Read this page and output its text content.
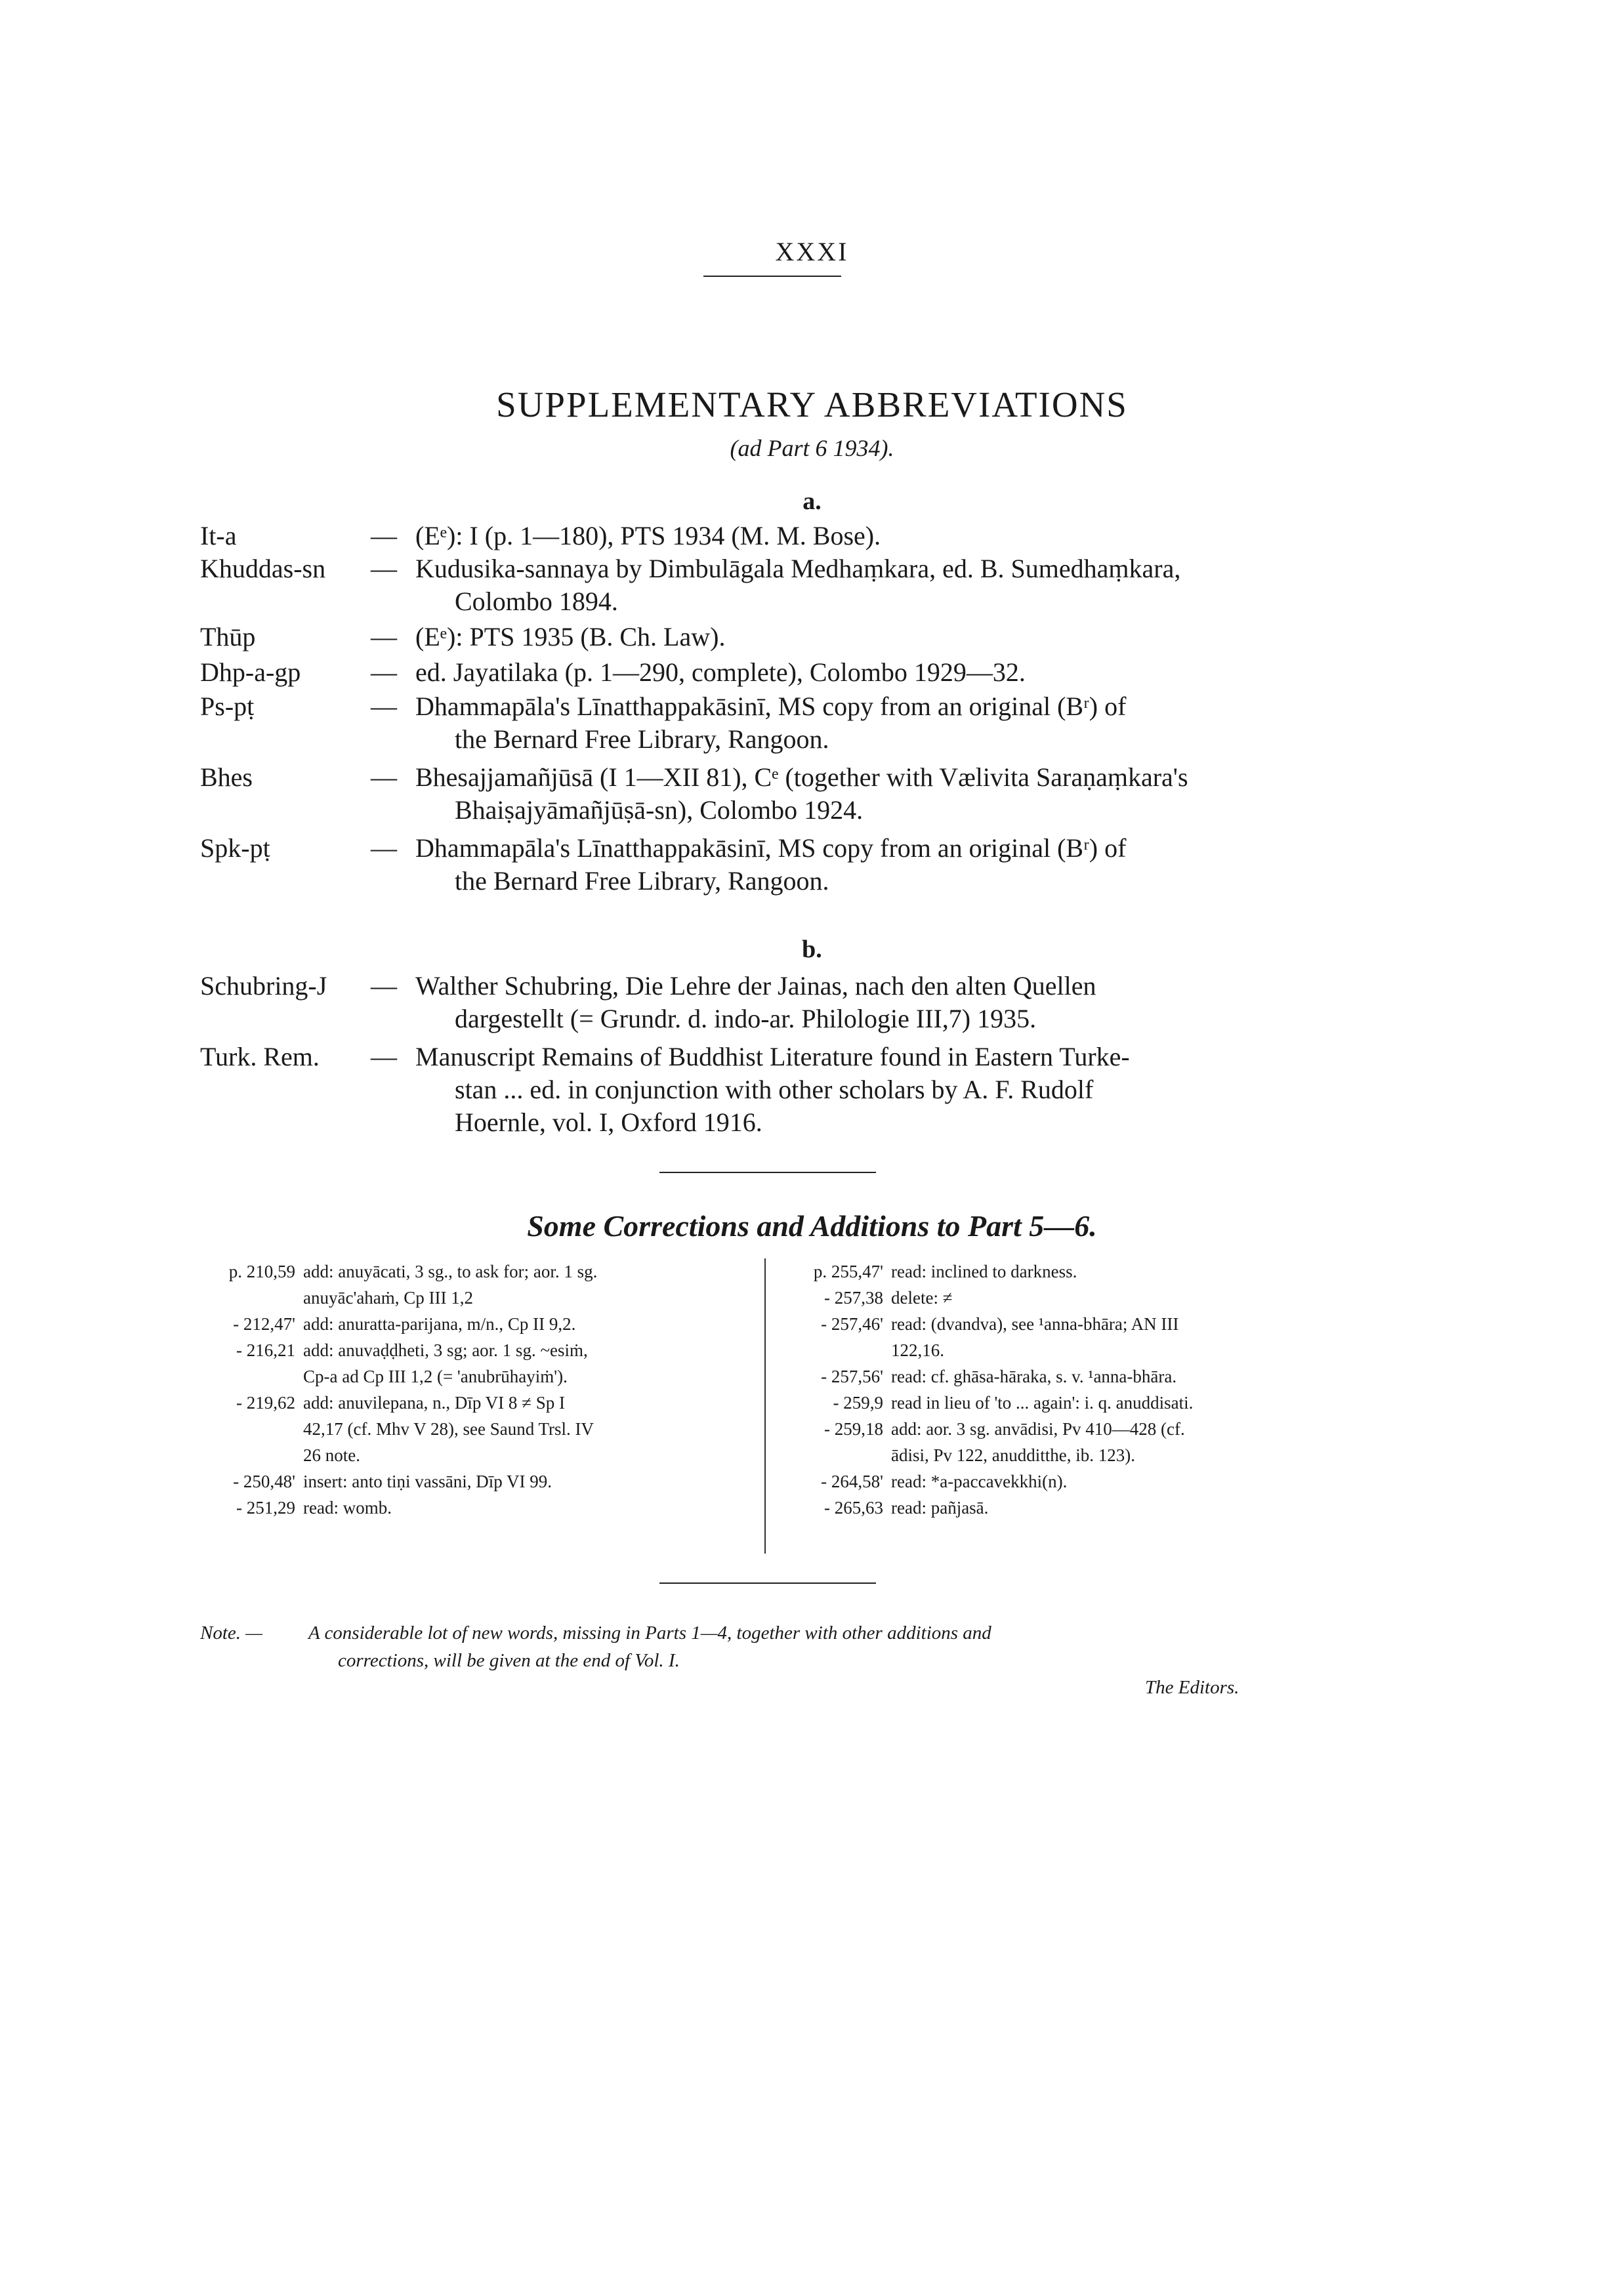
XXXI
SUPPLEMENTARY ABBREVIATIONS
(ad Part 6 1934).
a.
It-a	— (Eᵉ): I (p. 1—180), PTS 1934 (M. M. Bose).
Khuddas-sn — Kudusika-sannaya by Dimbulāgala Medhaṃkara, ed. B. Sumedhaṃkara,
Colombo 1894.
Thūp	— (Eᵉ): PTS 1935 (B. Ch. Law).
Dhp-a-gp	— ed. Jayatilaka (p. 1—290, complete), Colombo 1929—32.
Ps-pṭ	— Dhammapāla's Līnatthappakāsinī, MS copy from an original (Bʳ) of
the Bernard Free Library, Rangoon.
Bhes	— Bhesajjamañjūsā (I 1—XII 81), Cᵉ (together with Vælivita Saraṇaṃkara's
Bhaiṣajyāmañjūṣā-sn), Colombo 1924.
Spk-pṭ	— Dhammapāla's Līnatthappakāsinī, MS copy from an original (Bʳ) of
the Bernard Free Library, Rangoon.
b.
Schubring-J — Walther Schubring, Die Lehre der Jainas, nach den alten Quellen
dargestellt (= Grundr. d. indo-ar. Philologie III,7) 1935.
Turk. Rem. — Manuscript Remains of Buddhist Literature found in Eastern Turke-
stan ... ed. in conjunction with other scholars by A. F. Rudolf
Hoernle, vol. I, Oxford 1916.
Some Corrections and Additions to Part 5—6.
p. 210,59 add: anuyācati, 3 sg., to ask for; aor. 1 sg.
anuyāc'ahaṁ, Cp III 1,2
- 212,47' add: anuratta-parijana, m/n., Cp II 9,2.
- 216,21 add: anuvaḍḍheti, 3 sg; aor. 1 sg. ~esiṁ,
Cp-a ad Cp III 1,2 (= 'anubrūhayiṁ').
- 219,62 add: anuvilepana, n., Dīp VI 8 ≠ Sp I
42,17 (cf. Mhv V 28), see Saund Trsl. IV
26 note.
- 250,48' insert: anto tiṇi vassāni, Dīp VI 99.
- 251,29 read: womb.
p. 255,47' read: inclined to darkness.
- 257,38 delete: ≠
- 257,46' read: (dvandva), see ¹anna-bhāra; AN III
122,16.
- 257,56' read: cf. ghāsa-hāraka, s. v. ¹anna-bhāra.
- 259,9 read in lieu of 'to ... again': i. q. anuddisati.
- 259,18 add: aor. 3 sg. anvādisi, Pv 410—428 (cf.
ādisi, Pv 122, anudditthe, ib. 123).
- 264,58' read: *a-paccavekkhi(n).
- 265,63 read: pañjasā.
Note. — A considerable lot of new words, missing in Parts 1—4, together with other additions and
corrections, will be given at the end of Vol. I.
The Editors.
